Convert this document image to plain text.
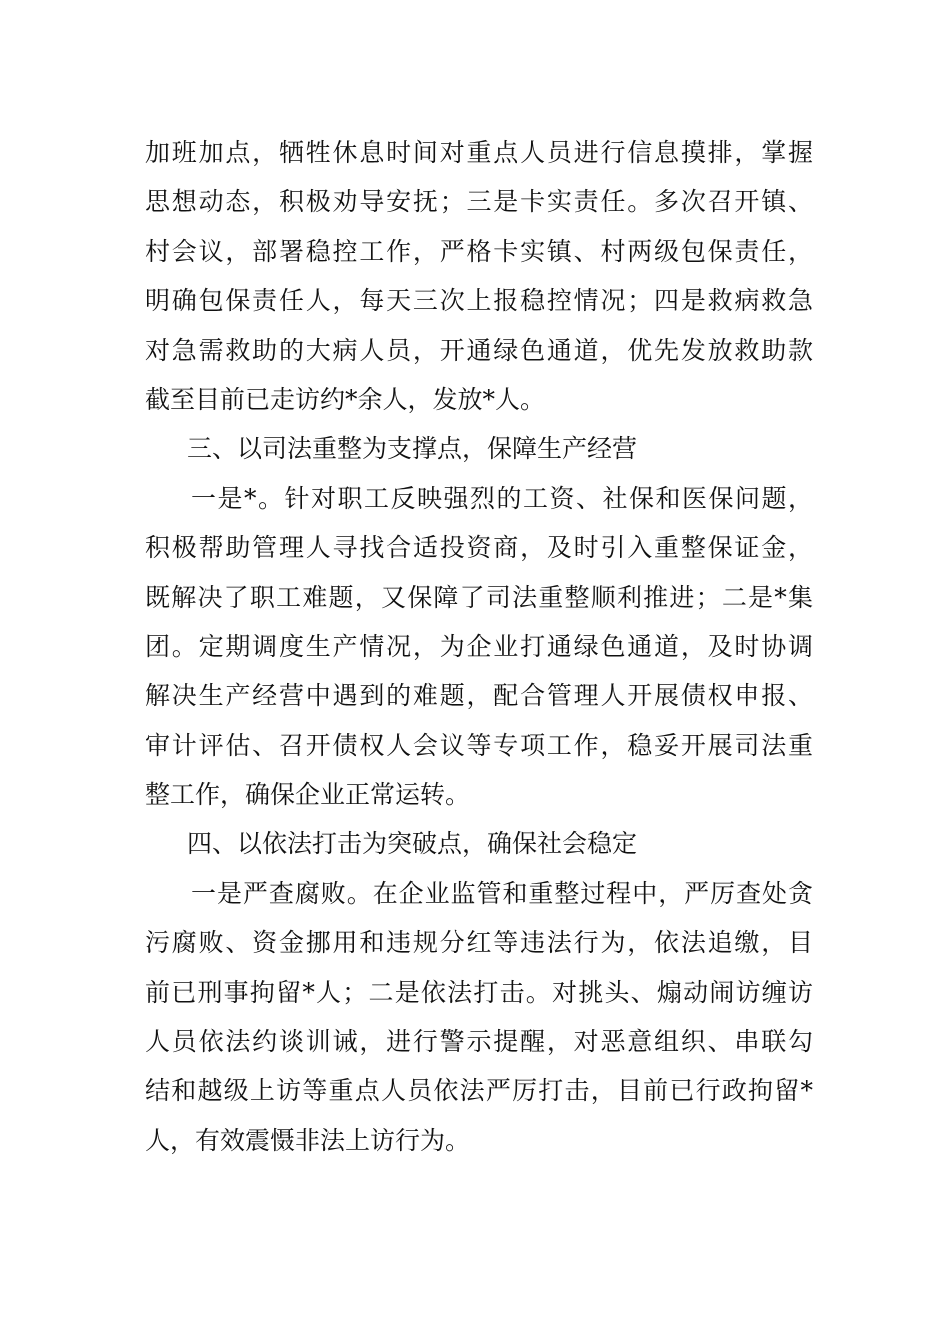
加班加点，牺牲休息时间对重点人员进行信息摸排，掌握
思想动态，积极劝导安抚；三是卡实责任。多次召开镇、
村会议，部署稳控工作，严格卡实镇、村两级包保责任，
明确包保责任人，每天三次上报稳控情况；四是救病救急
对急需救助的大病人员，开通绿色通道，优先发放救助款
截至目前已走访约*余人，发放*人。
三、以司法重整为支撑点，保障生产经营
一是*。针对职工反映强烈的工资、社保和医保问题，
积极帮助管理人寻找合适投资商，及时引入重整保证金，
既解决了职工难题，又保障了司法重整顺利推进；二是*集
团。定期调度生产情况，为企业打通绿色通道，及时协调
解决生产经营中遇到的难题，配合管理人开展债权申报、
审计评估、召开债权人会议等专项工作，稳妥开展司法重
整工作，确保企业正常运转。
四、以依法打击为突破点，确保社会稳定
一是严查腐败。在企业监管和重整过程中，严厉查处贪
污腐败、资金挪用和违规分红等违法行为，依法追缴，目
前已刑事拘留*人；二是依法打击。对挑头、煽动闹访缠访
人员依法约谈训诫，进行警示提醒，对恶意组织、串联勾
结和越级上访等重点人员依法严厉打击，目前已行政拘留*
人，有效震慑非法上访行为。
